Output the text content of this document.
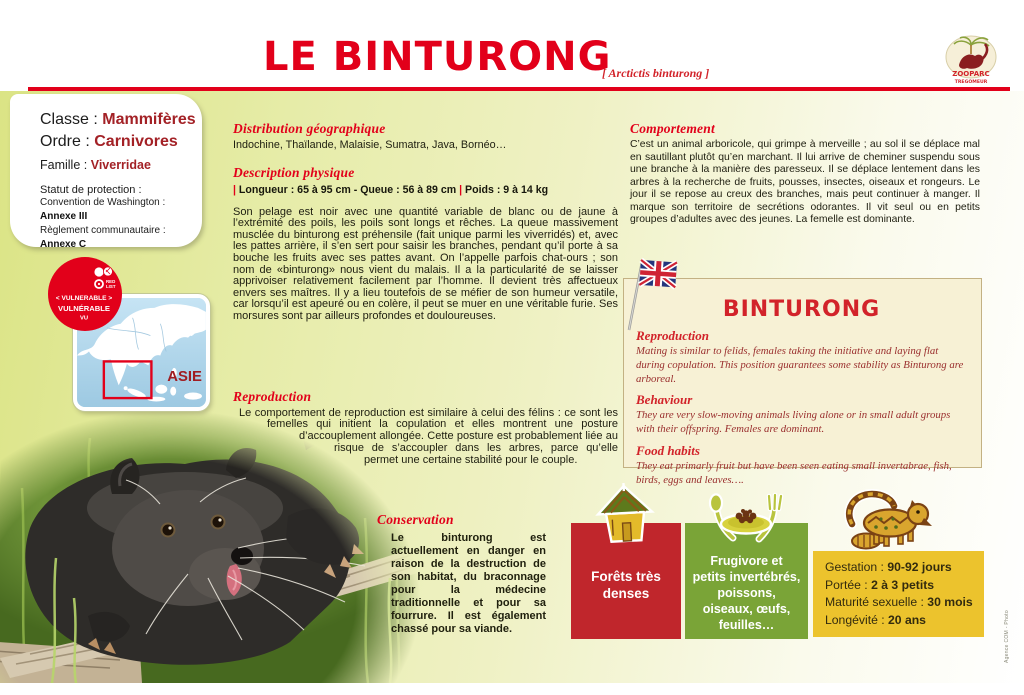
LE BINTURONG
[ Arctictis binturong ]	ZOOPARC
TREGOMEUR
Classe : Mammifères
Ordre : Carnivores
Famille : Viverridae
Statut de protection :
Convention de Washington : Annexe III
Règlement communautaire : Annexe C
RED
LIST
< VULNERABLE >
VULNÉRABLE
VU
ASIE
Distribution géographique

Indochine, Thaïlande, Malaisie, Sumatra, Java, Bornéo…

Description physique

| Longueur : 65 à 95 cm - Queue : 56 à 89 cm | Poids : 9 à 14 kg

Son pelage est noir avec une quantité variable de blanc ou de jaune à l’extrémité des poils, les poils sont longs et rêches. La queue massivement musclée du binturong est préhensile (fait unique parmi les viverridés) et, avec les pattes arrière, il s’en sert pour saisir les branches, pendant qu’il porte à sa bouche les fruits avec ses pattes avant. On l’appelle parfois chat-ours ; son nom de «binturong» nous vient du malais. Il a la particularité de se laisser apprivoiser relativement facilement par l’homme. Il devient très affectueux envers ses maîtres. Il y a lieu toutefois de se méfier de son humeur versatile, car lorsqu’il est apeuré ou en colère, il peut se muer en une véritable furie. Ses morsures sont par ailleurs profondes et douloureuses.

Reproduction

Le comportement de reproduction est similaire à celui des félins : ce sont les femelles qui initient la copulation et elles montrent une posture d’accouplement allongée. Cette posture est probablement liée au risque de s’accoupler dans les arbres, parce qu’elle permet une certaine stabilité pour le couple.

Conservation

Le binturong est actuellement en danger en raison de la destruction de son habitat, du braconnage pour la médecine traditionnelle et pour sa fourrure. Il est également chassé pour sa viande.

Comportement

C’est un animal arboricole, qui grimpe à merveille ; au sol il se déplace mal en sautillant plutôt qu’en marchant. Il lui arrive de cheminer suspendu sous une branche à la manière des paresseux. Il se déplace lentement dans les arbres à la recherche de fruits, pousses, insectes, oiseaux et rongeurs. Le jour il se repose au creux des branches, mais peut continuer à manger. Il marque son territoire de secrétions odorantes. Il vit seul ou en petits groupes d’adultes avec des jeunes. La femelle est dominante.

BINTURONG
Reproduction

Mating is similar to felids, females taking the initiative and laying flat during copulation. This position guarantees some stability as Binturong are arboreal.

Behaviour

They are very slow-moving animals living alone or in small adult groups with their offspring. Females are dominant.

Food habits

They eat primarly fruit but have been seen eating small invertabrae, fish, birds, eggs and leaves….

Forêts très denses

Frugivore et petits invertébrés, poissons, oiseaux, œufs, feuilles…

Gestation : 90-92 jours
Portée : 2 à 3 petits
Maturité sexuelle : 30 mois
Longévité : 20 ans	Agence COM - Photo
